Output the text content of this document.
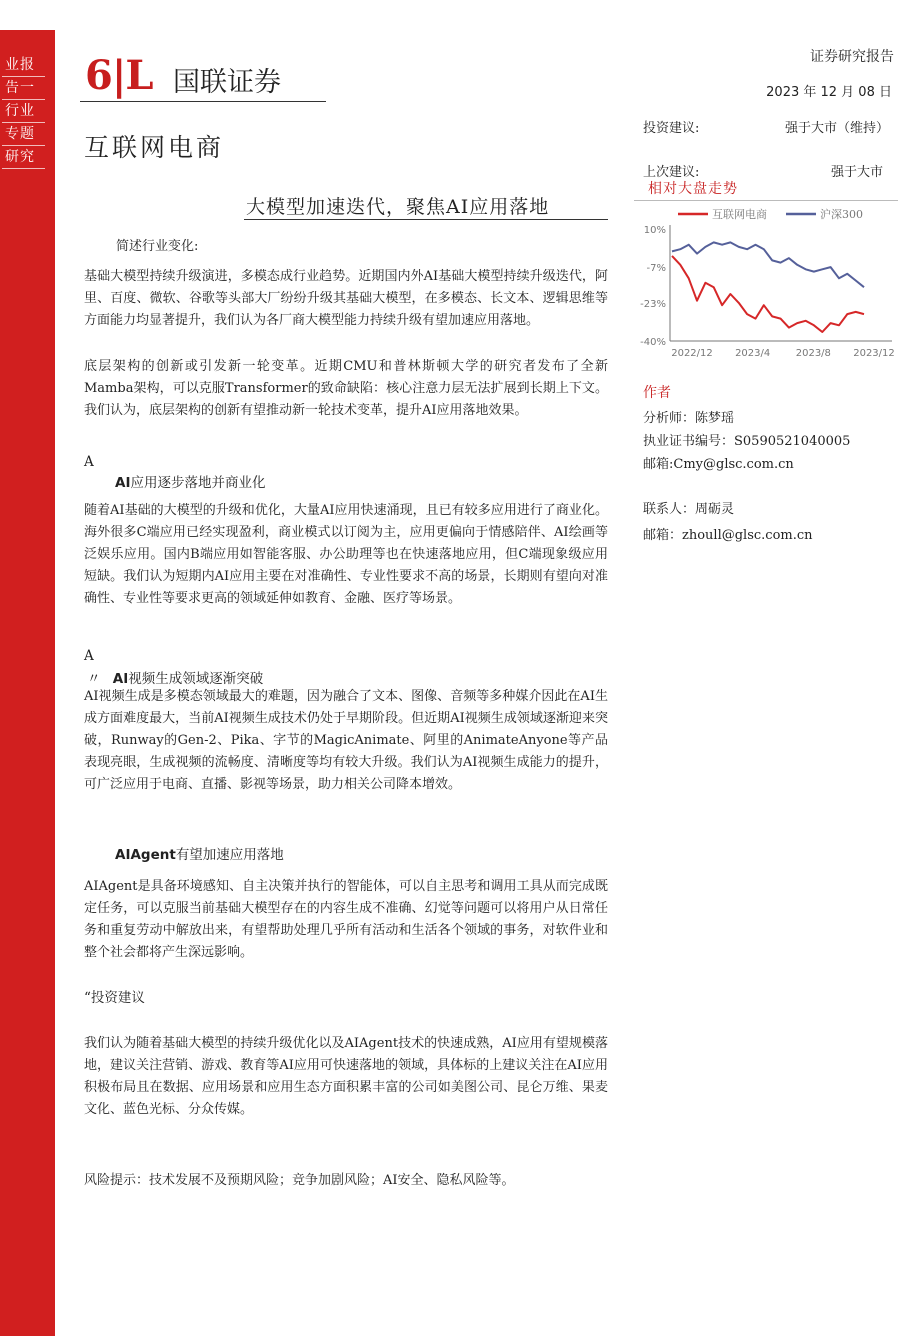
业报
告一
行业
专题
研究
6|L 国联证券
互联网电商
证券研究报告
2023 年 12 月 08 日
投资建议:	强于大市（维持）
上次建议:	强于大市
相对大盘走势
10%
-7%
-23%
-40%
2022/12 2023/4	2023/8 2023/12
互联网电商	沪深300
大模型加速迭代，聚焦AI应用落地
简述行业变化:

基础大模型持续升级演进，多模态成行业趋势。近期国内外AI基础大模型持续升级迭代，阿里、百度、微软、谷歌等头部大厂纷纷升级其基础大模型，在多模态、长文本、逻辑思维等方面能力均显著提升，我们认为各厂商大模型能力持续升级有望加速应用落地。

底层架构的创新或引发新一轮变革。近期CMU和普林斯顿大学的研究者发布了全新Mamba架构，可以克服Transformer的致命缺陷：核心注意力层无法扩展到长期上下文。我们认为，底层架构的创新有望推动新一轮技术变革，提升AI应用落地效果。

A
AI应用逐步落地并商业化

随着AI基础的大模型的升级和优化，大量AI应用快速涌现，且已有较多应用进行了商业化。海外很多C端应用已经实现盈利，商业模式以订阅为主，应用更偏向于情感陪伴、AI绘画等泛娱乐应用。国内B端应用如智能客服、办公助理等也在快速落地应用，但C端现象级应用短缺。我们认为短期内AI应用主要在对准确性、专业性要求不高的场景，长期则有望向对准确性、专业性等要求更高的领域延伸如教育、金融、医疗等场景。

A
〃 AI视频生成领域逐渐突破

AI视频生成是多模态领域最大的难题，因为融合了文本、图像、音频等多种媒介因此在AI生成方面难度最大，当前AI视频生成技术仍处于早期阶段。但近期AI视频生成领域逐渐迎来突破，Runway的Gen-2、Pika、字节的MagicAnimate、阿里的AnimateAnyone等产品表现亮眼，生成视频的流畅度、清晰度等均有较大升级。我们认为AI视频生成能力的提升，可广泛应用于电商、直播、影视等场景，助力相关公司降本增效。

AIAgent有望加速应用落地

AIAgent是具备环境感知、自主决策并执行的智能体，可以自主思考和调用工具从而完成既定任务，可以克服当前基础大模型存在的内容生成不准确、幻觉等问题可以将用户从日常任务和重复劳动中解放出来，有望帮助处理几乎所有活动和生活各个领域的事务，对软件业和整个社会都将产生深远影响。

“投资建议

我们认为随着基础大模型的持续升级优化以及AIAgent技术的快速成熟，AI应用有望规模落地，建议关注营销、游戏、教育等AI应用可快速落地的领域，具体标的上建议关注在AI应用积极布局且在数据、应用场景和应用生态方面积累丰富的公司如美图公司、昆仑万维、果麦文化、蓝色光标、分众传媒。

风险提示：技术发展不及预期风险；竞争加剧风险；AI安全、隐私风险等。

作者
分析师：陈梦瑶
执业证书编号：S0590521040005
邮箱:Cmy@glsc.com.cn
联系人：周砺灵
邮箱：zhoull@glsc.com.cn
